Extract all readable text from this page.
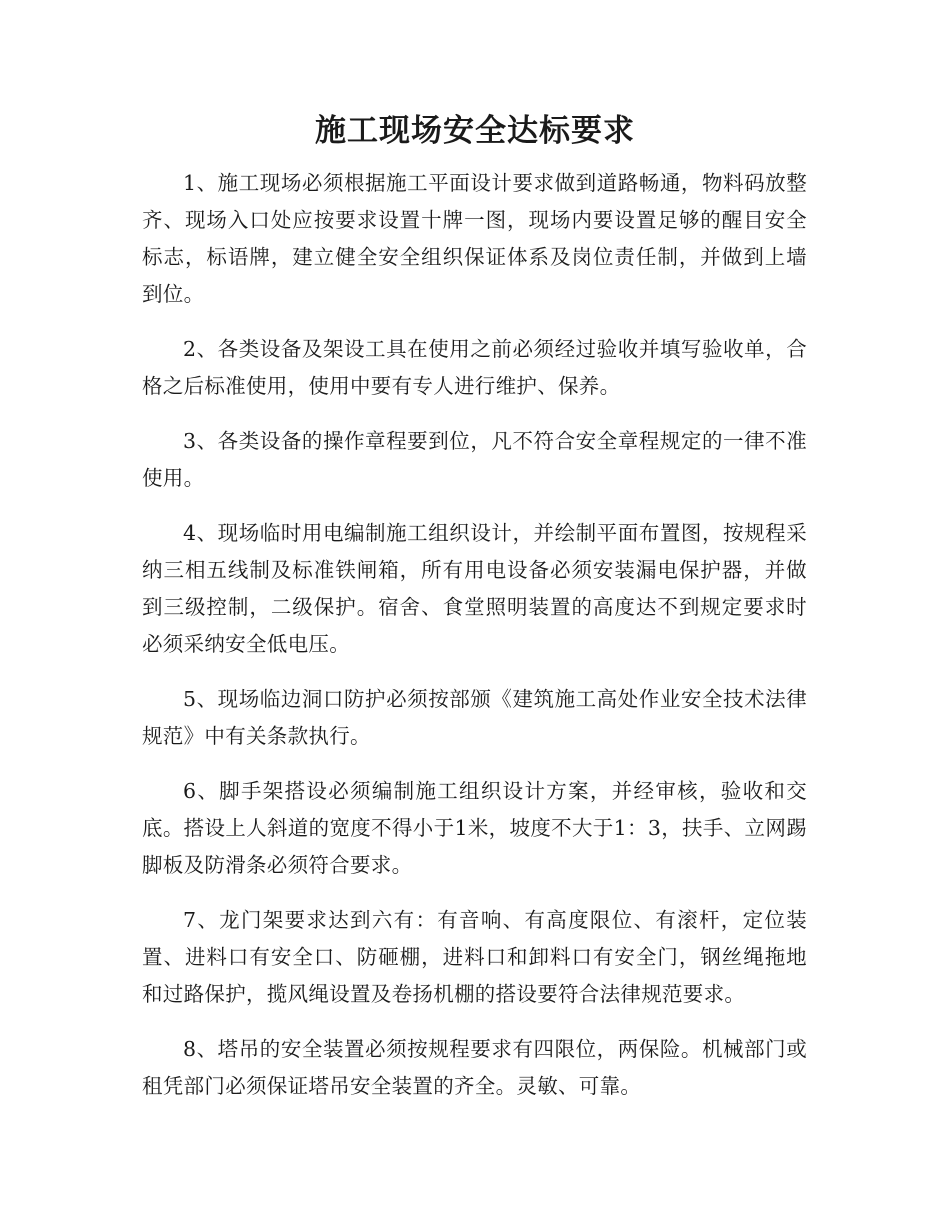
施工现场安全达标要求

1、施工现场必须根据施工平面设计要求做到道路畅通，物料码放整齐、现场入口处应按要求设置十牌一图，现场内要设置足够的醒目安全标志，标语牌，建立健全安全组织保证体系及岗位责任制，并做到上墙到位。

2、各类设备及架设工具在使用之前必须经过验收并填写验收单，合格之后标准使用，使用中要有专人进行维护、保养。

3、各类设备的操作章程要到位，凡不符合安全章程规定的一律不准使用。

4、现场临时用电编制施工组织设计，并绘制平面布置图，按规程采纳三相五线制及标准铁闸箱，所有用电设备必须安装漏电保护器，并做到三级控制，二级保护。宿舍、食堂照明装置的高度达不到规定要求时必须采纳安全低电压。

5、现场临边洞口防护必须按部颁《建筑施工高处作业安全技术法律规范》中有关条款执行。

6、脚手架搭设必须编制施工组织设计方案，并经审核，验收和交底。搭设上人斜道的宽度不得小于1米，坡度不大于1：3，扶手、立网踢脚板及防滑条必须符合要求。

7、龙门架要求达到六有：有音响、有高度限位、有滚杆，定位装置、进料口有安全口、防砸棚，进料口和卸料口有安全门，钢丝绳拖地和过路保护，揽风绳设置及卷扬机棚的搭设要符合法律规范要求。

8、塔吊的安全装置必须按规程要求有四限位，两保险。机械部门或租凭部门必须保证塔吊安全装置的齐全。灵敏、可靠。
